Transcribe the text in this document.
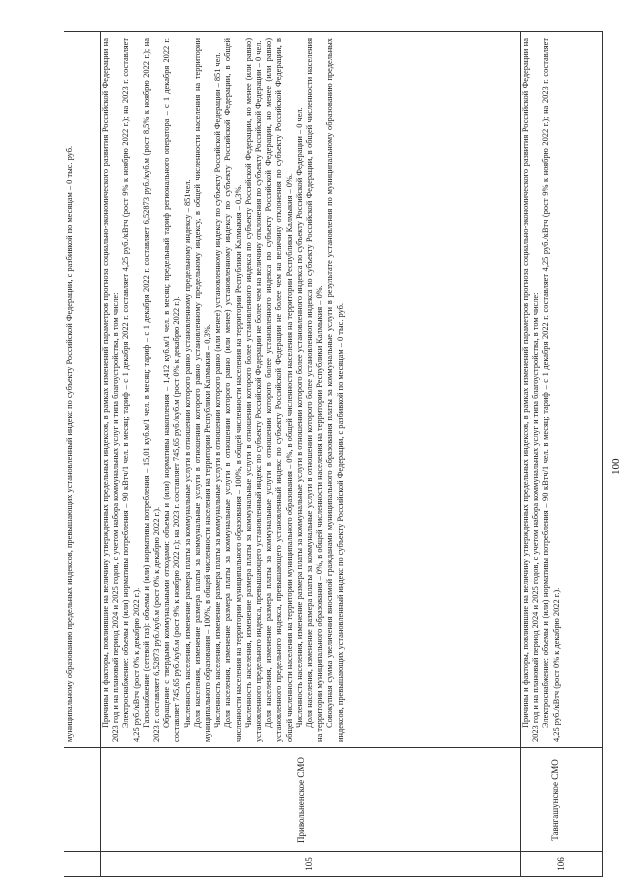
муниципальному образованию предельных индексов, превышающих установленный индекс по субъекту Российской Федерации, с разбивкой по месяцам – 0 тыс. руб.

105
Привольненское СМО

Причины и факторы, повлиявшие на величину утвержденных предельных индексов, в рамках изменений параметров прогноза социально-экономического развития Российской Федерации на 2023 год и на плановый период 2024 и 2025 годов, с учетом набора коммунальных услуг и типа благоустройства, в том числе: Электроснабжение: объемы и (или) нормативы потребления – 90 кВтч/1 чел. в месяц; тариф – с 1 декабря 2022 г. составляет 4,25 руб./кВтч (рост 9% к ноябрю 2022 г.); на 2023 г. составляет 4,25 руб./кВтч (рост 0% к декабрю 2022 г.). Газоснабжение (сетевой газ): объемы и (или) нормативы потребления – 15,01 куб.м/1 чел. в месяц; тариф – с 1 декабря 2022 г. составляет 6,52873 руб./куб.м (рост 8,5% к ноябрю 2022 г.); на 2023 г. составляет 6,52873 руб./куб.м (рост 0% к декабрю 2022 г.). Обращение с твердыми коммунальными отходами: объемы и (или) нормативы накопления – 1,412 куб.м/1 чел. в месяц; предельный тариф регионального оператора – с 1 декабря 2022 г. составляет 745,65 руб./куб.м (рост 9% к ноябрю 2022 г.); на 2023 г. составляет 745,65 руб./куб.м (рост 0% к декабрю 2022 г.). Численность населения, изменение размера платы за коммунальные услуги в отношении которого равно установленному предельному индексу – 851чел. Доля населения, изменение размера платы за коммунальные услуги в отношении которого равно установленному предельному индексу, в общей численности населения на территории муниципального образования – 100%, в общей численности населения на территории Республики Калмыкия – 0,3%. Численность населения, изменение размера платы за коммунальные услуги в отношении которого равно (или менее) установленному индексу по субъекту Российской Федерации – 851 чел. Доля населения, изменение размера платы за коммунальные услуги в отношении которого равно (или менее) установленному индексу по субъекту Российской Федерации, в общей численности населения на территории муниципального образования – 100%, в общей численности населения на территории Республики Калмыкия – 0,3%. Численность населения, изменение размера платы за коммунальные услуги в отношении которого более установленного индекса по субъекту Российской Федерации, но менее (или равно) установленного предельного индекса, превышающего установленный индекс по субъекту Российской Федерации не более чем на величину отклонения по субъекту Российской Федерации – 0 чел. Доля населения, изменение размера платы за коммунальные услуги в отношении которого более установленного индекса по субъекту Российской Федерации, но менее (или равно) установленного предельного индекса, превышающего установленный индекс по субъекту Российской Федерации не более чем на величину отклонения по субъекту Российской Федерации, в общей численности населения на территории муниципального образования – 0%, в общей численности населения на территории Республики Калмыкия – 0%. Численность населения, изменение размера платы за коммунальные услуги в отношении которого более установленного индекса по субъекту Российской Федерации – 0 чел. Доля населения, изменение размера платы за коммунальные услуги в отношении которого более установленного индекса по субъекту Российской Федерации, в общей численности населения на территории муниципального образования – 0%, в общей численности населения на территории Республики Калмыкия – 0%. Совокупная сумма увеличения вносимой гражданами муниципального образования платы за коммунальные услуги в результате установления по муниципальному образованию предельных индексов, превышающих установленный индекс по субъекту Российской Федерации, с разбивкой по месяцам – 0 тыс. руб.

106
Тавнгашунское СМО

Причины и факторы, повлиявшие на величину утвержденных предельных индексов, в рамках изменений параметров прогноза социально-экономического развития Российской Федерации на 2023 год и на плановый период 2024 и 2025 годов, с учетом набора коммунальных услуг и типа благоустройства, в том числе: Электроснабжение: объемы и (или) нормативы потребления – 90 кВтч/1 чел. в месяц; тариф – с 1 декабря 2022 г. составляет 4,25 руб./кВтч (рост 9% к ноябрю 2022 г.); на 2023 г. составляет 4,25 руб./кВтч (рост 0% к декабрю 2022 г.).

100
